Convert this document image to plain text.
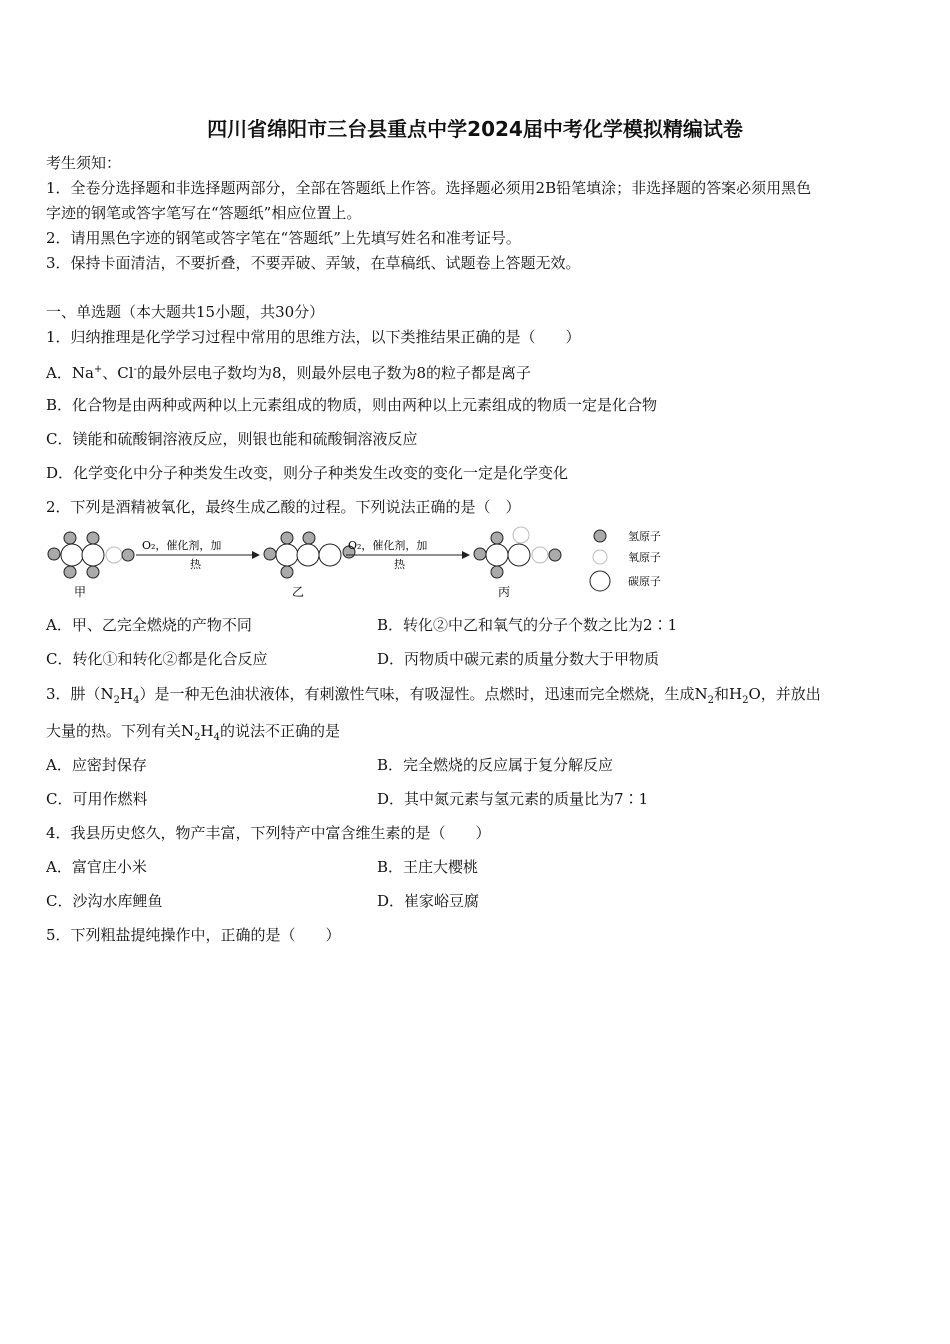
四川省绵阳市三台县重点中学2024届中考化学模拟精编试卷
考生须知：
1．全卷分选择题和非选择题两部分，全部在答题纸上作答。选择题必须用2B铅笔填涂；非选择题的答案必须用黑色
字迹的钢笔或答字笔写在“答题纸”相应位置上。
2．请用黑色字迹的钢笔或答字笔在“答题纸”上先填写姓名和准考证号。
3．保持卡面清洁，不要折叠，不要弄破、弄皱，在草稿纸、试题卷上答题无效。
一、单选题（本大题共15小题，共30分）
1．归纳推理是化学学习过程中常用的思维方法，以下类推结果正确的是（　　）
A．Na+、Cl-的最外层电子数均为8，则最外层电子数为8的粒子都是离子
B．化合物是由两种或两种以上元素组成的物质，则由两种以上元素组成的物质一定是化合物
C．镁能和硫酸铜溶液反应，则银也能和硫酸铜溶液反应
D．化学变化中分子种类发生改变，则分子种类发生改变的变化一定是化学变化
2．下列是酒精被氧化，最终生成乙酸的过程。下列说法正确的是（　）
甲
O₂，催化剂，加
热
乙
O₂，催化剂，加
热
丙
氢原子
氧原子
碳原子
A．甲、乙完全燃烧的产物不同	B．转化②中乙和氧气的分子个数之比为2∶1
C．转化①和转化②都是化合反应	D．丙物质中碳元素的质量分数大于甲物质
3．肼$(N_2H_4)$是一种无色油状液体，有刺激性气味，有吸湿性。点燃时，迅速而完全燃烧，生成$N_2$和$H_2O$，并放出
大量的热。下列有关$N_2H_4$的说法不正确的是
A．应密封保存	B．完全燃烧的反应属于复分解反应
C．可用作燃料	D．其中氮元素与氢元素的质量比为7∶1
4．我县历史悠久，物产丰富，下列特产中富含维生素的是（　　）
A．富官庄小米	B．王庄大樱桃
C．沙沟水库鲤鱼	D．崔家峪豆腐
5．下列粗盐提纯操作中，正确的是（　　）
